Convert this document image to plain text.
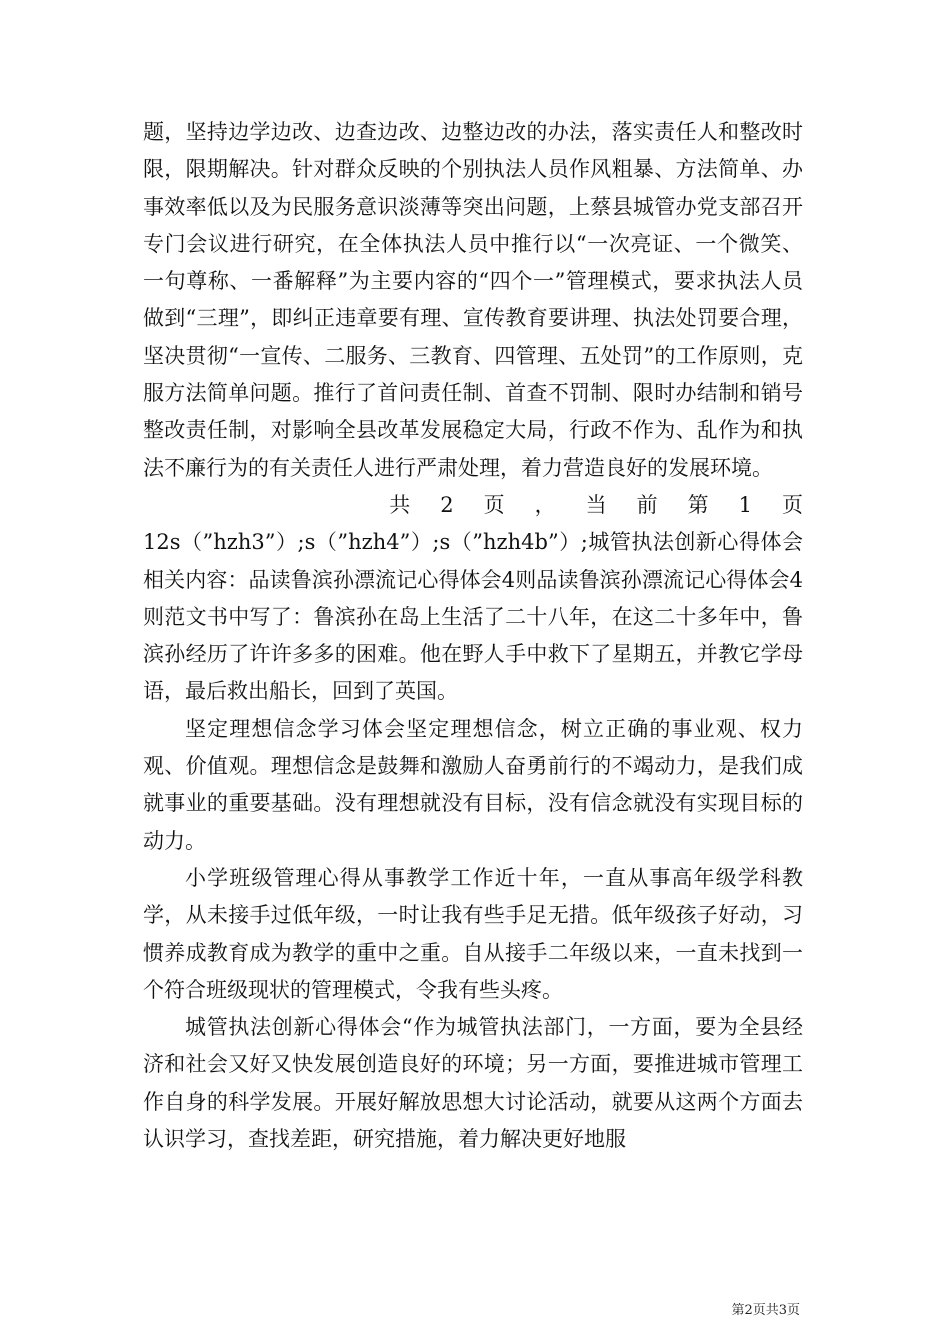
题，坚持边学边改、边查边改、边整边改的办法，落实责任人和整改时限，限期解决。针对群众反映的个别执法人员作风粗暴、方法简单、办事效率低以及为民服务意识淡薄等突出问题，上蔡县城管办党支部召开专门会议进行研究，在全体执法人员中推行以“一次亮证、一个微笑、一句尊称、一番解释”为主要内容的“四个一”管理模式，要求执法人员做到“三理”，即纠正违章要有理、宣传教育要讲理、执法处罚要合理，坚决贯彻“一宣传、二服务、三教育、四管理、五处罚”的工作原则，克服方法简单问题。推行了首问责任制、首查不罚制、限时办结制和销号整改责任制，对影响全县改革发展稳定大局，行政不作为、乱作为和执法不廉行为的有关责任人进行严肃处理，着力营造良好的发展环境。

共 2 页 ， 当 前 第 1 页

12s（”hzh3”）;s（”hzh4”）;s（”hzh4b”）;城管执法创新心得体会相关内容：品读鲁滨孙漂流记心得体会4则品读鲁滨孙漂流记心得体会4则范文书中写了：鲁滨孙在岛上生活了二十八年，在这二十多年中，鲁滨孙经历了许许多多的困难。他在野人手中救下了星期五，并教它学母语，最后救出船长，回到了英国。

坚定理想信念学习体会坚定理想信念，树立正确的事业观、权力观、价值观。理想信念是鼓舞和激励人奋勇前行的不竭动力，是我们成就事业的重要基础。没有理想就没有目标，没有信念就没有实现目标的动力。

小学班级管理心得从事教学工作近十年，一直从事高年级学科教学，从未接手过低年级，一时让我有些手足无措。低年级孩子好动，习惯养成教育成为教学的重中之重。自从接手二年级以来，一直未找到一个符合班级现状的管理模式，令我有些头疼。

城管执法创新心得体会“作为城管执法部门，一方面，要为全县经济和社会又好又快发展创造良好的环境；另一方面，要推进城市管理工作自身的科学发展。开展好解放思想大讨论活动，就要从这两个方面去认识学习，查找差距，研究措施，着力解决更好地服

第2页共3页
